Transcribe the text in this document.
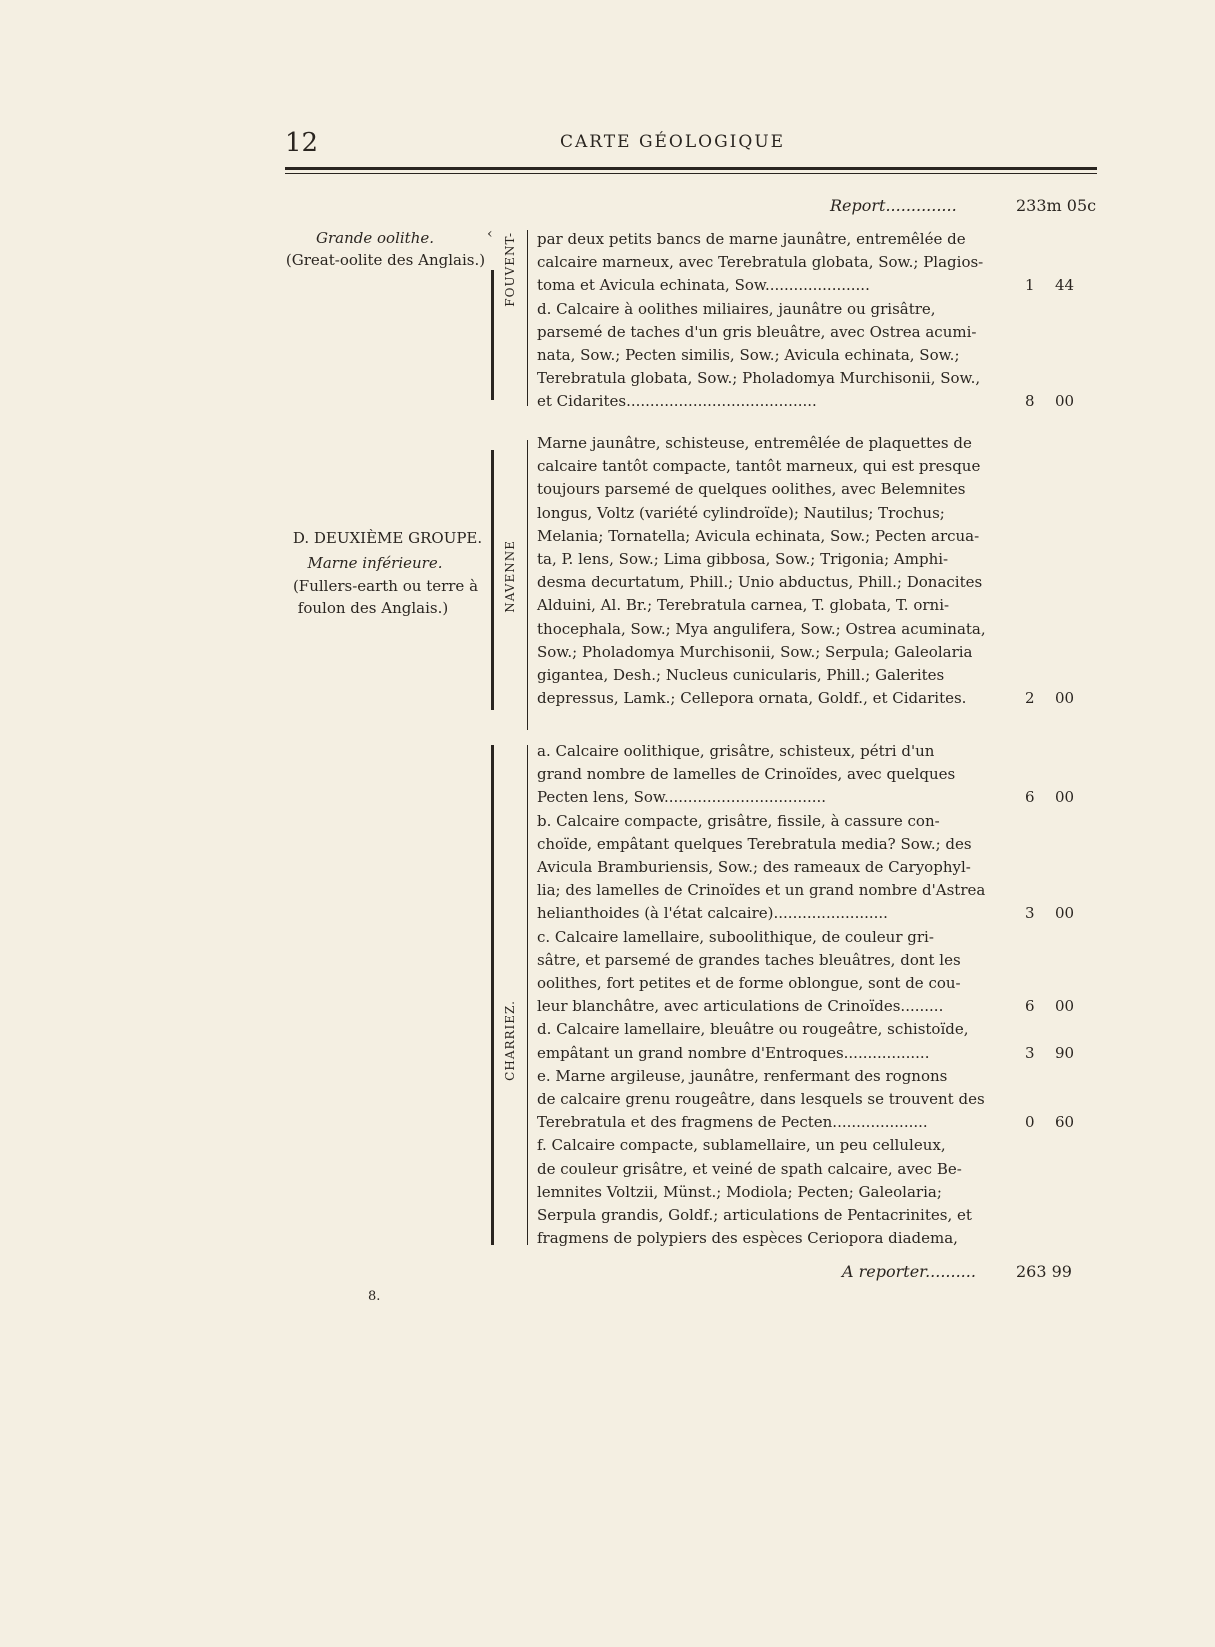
12	CARTE GÉOLOGIQUE
Report..............	233m 05c
Grande oolithe.
(Great-oolite des Anglais.)
‹ FOUVENT- par deux petits bancs de marne jaunâtre, entremêlée de
calcaire marneux, avec Terebratula globata, Sow.; Plagios-
toma et Avicula echinata, Sow......................	1 44
d. Calcaire à oolithes miliaires, jaunâtre ou grisâtre,
parsemé de taches d'un gris bleuâtre, avec Ostrea acumi-
nata, Sow.; Pecten similis, Sow.; Avicula echinata, Sow.;
Terebratula globata, Sow.; Pholadomya Murchisonii, Sow.,
et Cidarites........................................	8 00
D. DEUXIÈME GROUPE.
Marne inférieure.
(Fullers-earth ou terre à
foulon des Anglais.)	NAVENNE
Marne jaunâtre, schisteuse, entremêlée de plaquettes de
calcaire tantôt compacte, tantôt marneux, qui est presque
toujours parsemé de quelques oolithes, avec Belemnites
longus, Voltz (variété cylindroïde); Nautilus; Trochus;
Melania; Tornatella; Avicula echinata, Sow.; Pecten arcua-
ta, P. lens, Sow.; Lima gibbosa, Sow.; Trigonia; Amphi-
desma decurtatum, Phill.; Unio abductus, Phill.; Donacites
Alduini, Al. Br.; Terebratula carnea, T. globata, T. orni-
thocephala, Sow.; Mya angulifera, Sow.; Ostrea acuminata,
Sow.; Pholadomya Murchisonii, Sow.; Serpula; Galeolaria
gigantea, Desh.; Nucleus cunicularis, Phill.; Galerites
depressus, Lamk.; Cellepora ornata, Goldf., et Cidarites.	2 00
CHARRIEZ.
a. Calcaire oolithique, grisâtre, schisteux, pétri d'un
grand nombre de lamelles de Crinoïdes, avec quelques
Pecten lens, Sow..................................	6 00
b. Calcaire compacte, grisâtre, fissile, à cassure con-
choïde, empâtant quelques Terebratula media? Sow.; des
Avicula Bramburiensis, Sow.; des rameaux de Caryophyl-
lia; des lamelles de Crinoïdes et un grand nombre d'Astrea
helianthoides (à l'état calcaire)........................	3 00
c. Calcaire lamellaire, suboolithique, de couleur gri-
sâtre, et parsemé de grandes taches bleuâtres, dont les
oolithes, fort petites et de forme oblongue, sont de cou-
leur blanchâtre, avec articulations de Crinoïdes.........	6 00
d. Calcaire lamellaire, bleuâtre ou rougeâtre, schistoïde,
empâtant un grand nombre d'Entroques..................	3 90
e. Marne argileuse, jaunâtre, renfermant des rognons
de calcaire grenu rougeâtre, dans lesquels se trouvent des
Terebratula et des fragmens de Pecten....................	0 60
f. Calcaire compacte, sublamellaire, un peu celluleux,
de couleur grisâtre, et veiné de spath calcaire, avec Be-
lemnites Voltzii, Münst.; Modiola; Pecten; Galeolaria;
Serpula grandis, Goldf.; articulations de Pentacrinites, et
fragmens de polypiers des espèces Ceriopora diadema,
A reporter..........	263 99
8.
